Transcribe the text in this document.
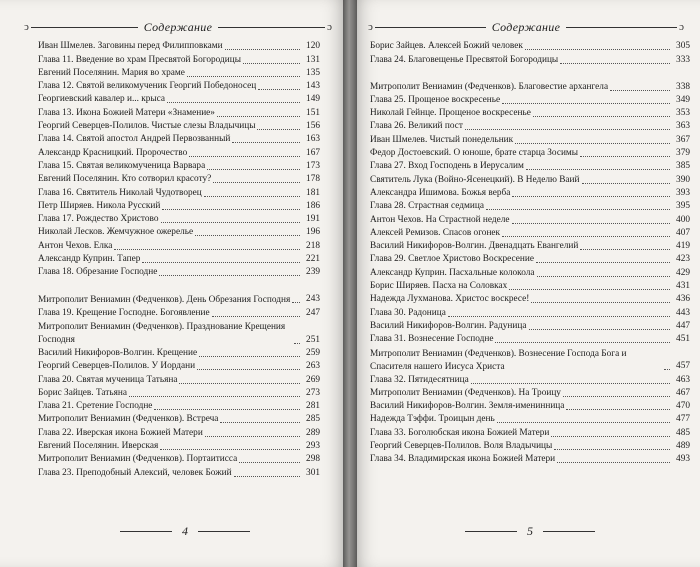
ↄ	Содержание	ɔ
Иван Шмелев. Заговины перед Филипповками	120
Глава 11. Введение во храм Пресвятой Богородицы	131
Евгений Поселянин. Мария во храме	135
Глава 12. Святой великомученик Георгий Победоносец	143
Георгиевский кавалер и... крыса	149
Глава 13. Икона Божией Матери «Знамение»	151
Георгий Северцев-Полилов. Чистые слезы Владычицы	156
Глава 14. Святой апостол Андрей Первозванный	163
Александр Красницкий. Пророчество	167
Глава 15. Святая великомученица Варвара	173
Евгений Поселянин. Кто сотворил красоту?	178
Глава 16. Святитель Николай Чудотворец	181
Петр Ширяев. Никола Русский	186
Глава 17. Рождество Христово	191
Николай Лесков. Жемчужное ожерелье	196
Антон Чехов. Елка	218
Александр Куприн. Тапер	221
Глава 18. Обрезание Господне	239
Митрополит Вениамин (Федченков). День Обрезания Господня	243
Глава 19. Крещение Господне. Богоявление	247
Митрополит Вениамин (Федченков). Празднование Крещения Господня	251
Василий Никифоров-Волгин. Крещение	259
Георгий Северцев-Полилов. У Иордани	263
Глава 20. Святая мученица Татьяна	269
Борис Зайцев. Татьяна	273
Глава 21. Сретение Господне	281
Митрополит Вениамин (Федченков). Встреча	285
Глава 22. Иверская икона Божией Матери	289
Евгений Поселянин. Иверская	293
Митрополит Вениамин (Федченков). Портаитисса	298
Глава 23. Преподобный Алексий, человек Божий	301
4
ↄ	Содержание	ɔ
Борис Зайцев. Алексей Божий человек	305
Глава 24. Благовещенье Пресвятой Богородицы	333
Митрополит Вениамин (Федченков). Благовестие архангела	338
Глава 25. Прощеное воскресенье	349
Николай Гейнце. Прощеное воскресенье	353
Глава 26. Великий пост	363
Иван Шмелев. Чистый понедельник	367
Федор Достоевский. О юноше, брате старца Зосимы	379
Глава 27. Вход Господень в Иерусалим	385
Святитель Лука (Войно-Ясенецкий). В Неделю Ваий	390
Александра Ишимова. Божья верба	393
Глава 28. Страстная седмица	395
Антон Чехов. На Страстной неделе	400
Алексей Ремизов. Спасов огонек	407
Василий Никифоров-Волгин. Двенадцать Евангелий	419
Глава 29. Светлое Христово Воскресение	423
Александр Куприн. Пасхальные колокола	429
Борис Ширяев. Пасха на Соловках	431
Надежда Лухманова. Христос воскресе!	436
Глава 30. Радоница	443
Василий Никифоров-Волгин. Радуница	447
Глава 31. Вознесение Господне	451
Митрополит Вениамин (Федченков). Вознесение Господа Бога и Спасителя нашего Иисуса Христа	457
Глава 32. Пятидесятница	463
Митрополит Вениамин (Федченков). На Троицу	467
Василий Никифоров-Волгин. Земля-именинница	470
Надежда Тэффи. Троицын день	477
Глава 33. Боголюбская икона Божией Матери	485
Георгий Северцев-Полилов. Воля Владычицы	489
Глава 34. Владимирская икона Божией Матери	493
5
